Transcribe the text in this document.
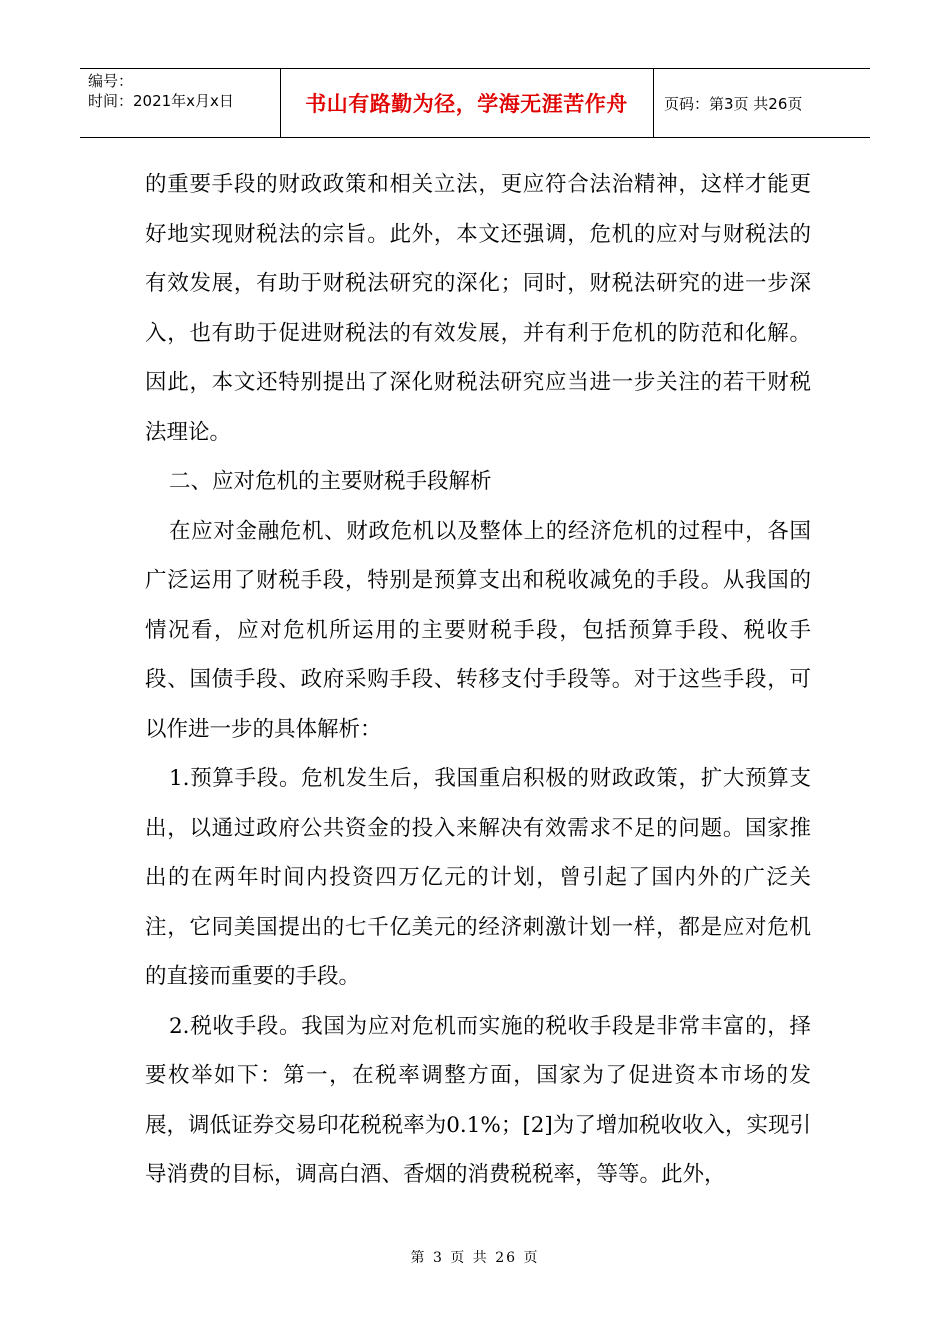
编号：
时间：2021年x月x日	书山有路勤为径，学海无涯苦作舟	页码：第3页 共26页

的重要手段的财政政策和相关立法，更应符合法治精神，这样才能更好地实现财税法的宗旨。此外，本文还强调，危机的应对与财税法的有效发展，有助于财税法研究的深化；同时，财税法研究的进一步深入，也有助于促进财税法的有效发展，并有利于危机的防范和化解。因此，本文还特别提出了深化财税法研究应当进一步关注的若干财税法理论。

二、应对危机的主要财税手段解析

在应对金融危机、财政危机以及整体上的经济危机的过程中，各国广泛运用了财税手段，特别是预算支出和税收减免的手段。从我国的情况看，应对危机所运用的主要财税手段，包括预算手段、税收手段、国债手段、政府采购手段、转移支付手段等。对于这些手段，可以作进一步的具体解析：

1.预算手段。危机发生后，我国重启积极的财政政策，扩大预算支出，以通过政府公共资金的投入来解决有效需求不足的问题。国家推出的在两年时间内投资四万亿元的计划，曾引起了国内外的广泛关注，它同美国提出的七千亿美元的经济刺激计划一样，都是应对危机的直接而重要的手段。

2.税收手段。我国为应对危机而实施的税收手段是非常丰富的，择要枚举如下：第一，在税率调整方面，国家为了促进资本市场的发展，调低证券交易印花税税率为0.1%；[2]为了增加税收收入，实现引导消费的目标，调高白酒、香烟的消费税税率，等等。此外，

第 3 页 共 26 页
